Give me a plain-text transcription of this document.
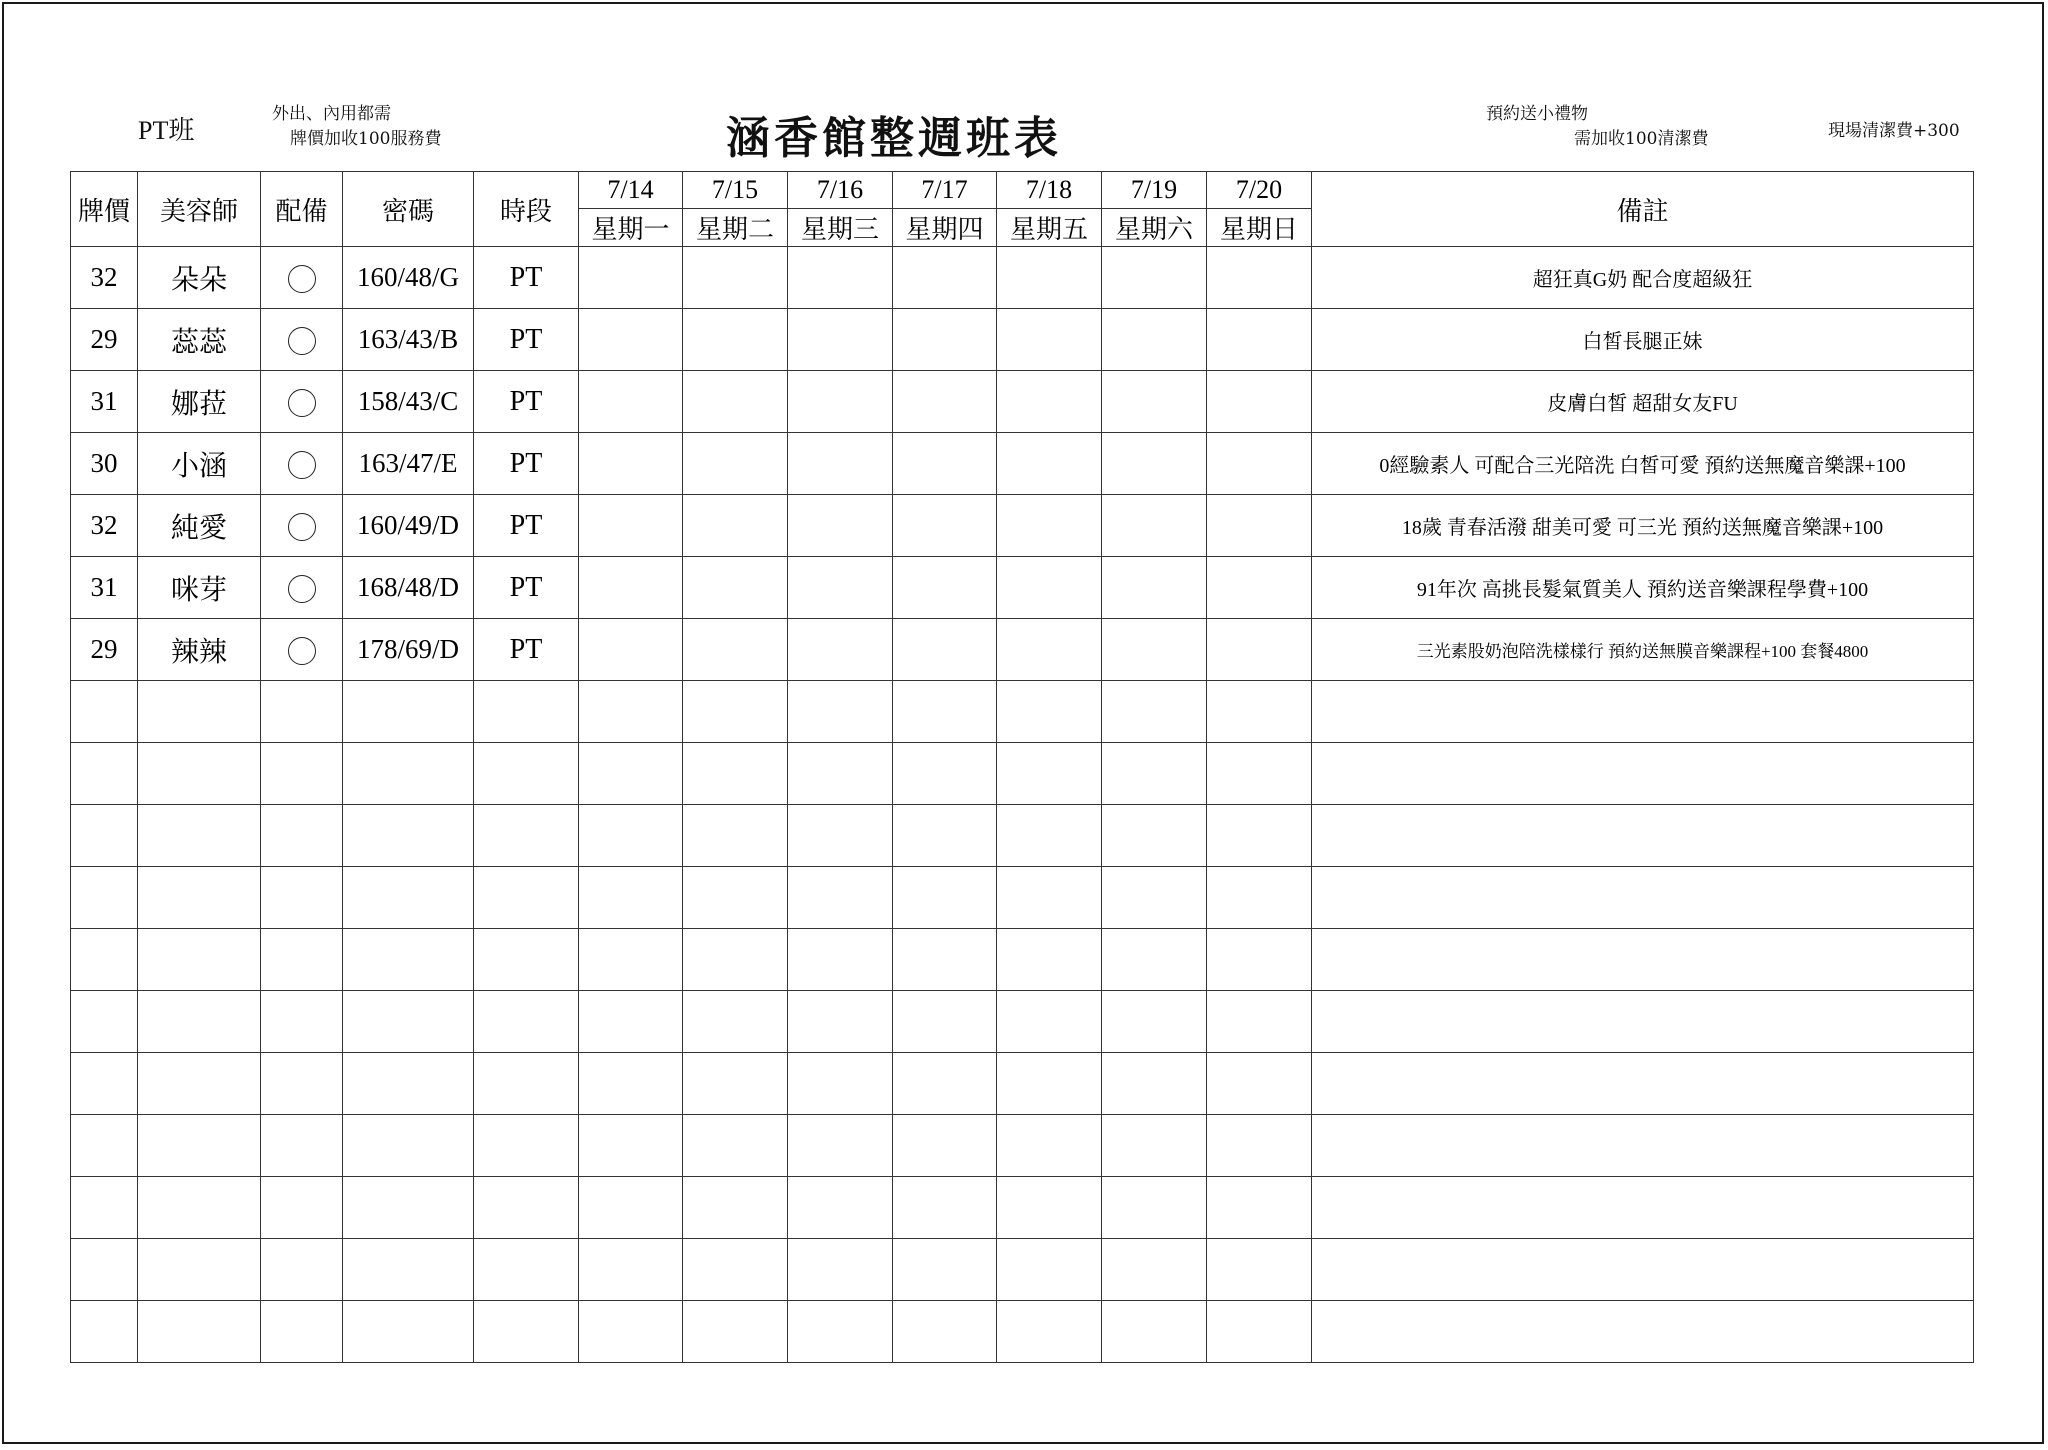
PT班
外出、內用都需
牌價加收100服務費	涵香館整週班表	預約送小禮物
需加收100清潔費	現場清潔費+300
牌價	美容師	配備	密碼	時段	7/14	7/15	7/16	7/17	7/18	7/19	7/20	備註
					星期一	星期二	星期三	星期四	星期五	星期六	星期日	
32	朵朵		160/48/G	PT								超狂真G奶 配合度超級狂
29	蕊蕊		163/43/B	PT								白皙長腿正妹
31	娜菈		158/43/C	PT								皮膚白皙 超甜女友FU
30	小涵		163/47/E	PT								0經驗素人 可配合三光陪洗 白皙可愛 預約送無魔音樂課+100
32	純愛		160/49/D	PT								18歲 青春活潑 甜美可愛 可三光 預約送無魔音樂課+100
31	咪芽		168/48/D	PT								91年次 高挑長髮氣質美人 預約送音樂課程學費+100
29	辣辣		178/69/D	PT								三光素股奶泡陪洗樣樣行 預約送無膜音樂課程+100 套餐4800
